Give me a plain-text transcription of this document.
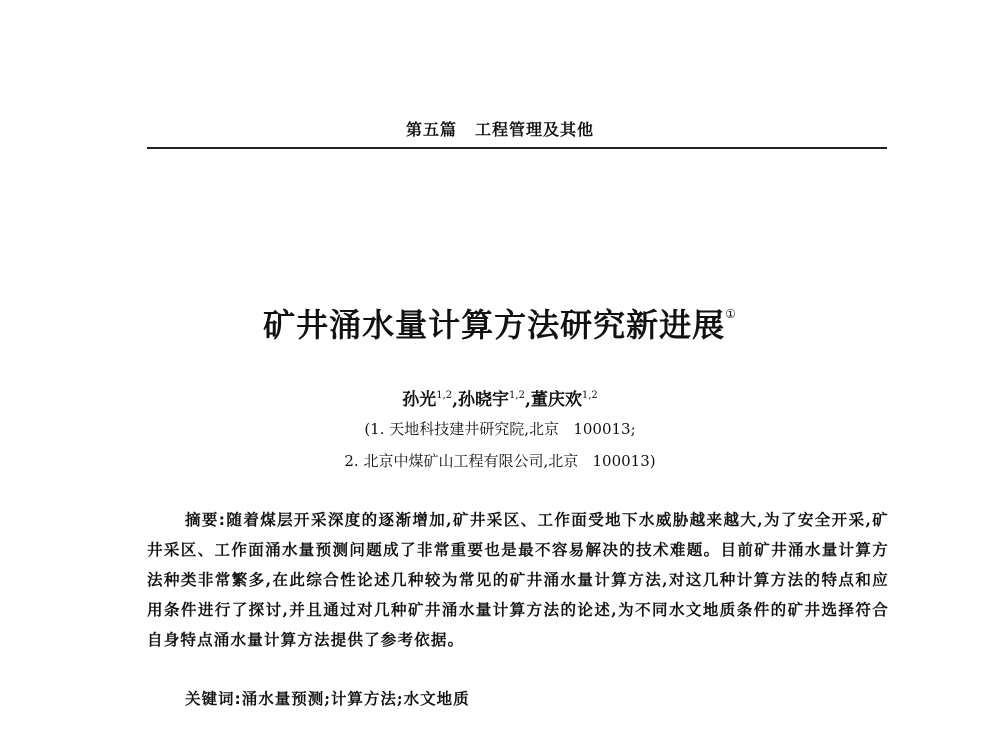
第五篇 工程管理及其他
矿井涌水量计算方法研究新进展①
孙光$^{1,2}$,孙晓宇$^{1,2}$,董庆欢$^{1,2}$
(1. 天地科技建井研究院,北京   100013;
2. 北京中煤矿山工程有限公司,北京   100013)
摘要:随着煤层开采深度的逐渐增加,矿井采区、工作面受地下水威胁越来越大,为了安全开采,矿井采区、工作面涌水量预测问题成了非常重要也是最不容易解决的技术难题。目前矿井涌水量计算方法种类非常繁多,在此综合性论述几种较为常见的矿井涌水量计算方法,对这几种计算方法的特点和应用条件进行了探讨,并且通过对几种矿井涌水量计算方法的论述,为不同水文地质条件的矿井选择符合自身特点涌水量计算方法提供了参考依据。
关键词:涌水量预测;计算方法;水文地质
